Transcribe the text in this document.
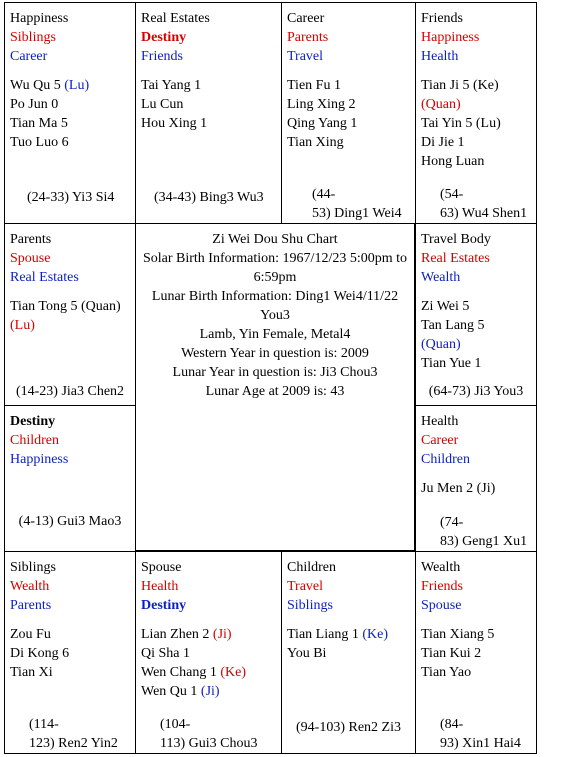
Zi Wei Dou Shu Chart
Solar Birth Information: 1967/12/23 5:00pm to 6:59pm
Lunar Birth Information: Ding1 Wei4/11/22 You3
Lamb, Yin Female, Metal4
Western Year in question is: 2009
Lunar Year in question is: Ji3 Chou3
Lunar Age at 2009 is: 43
Happiness
Siblings
Career
Wu Qu 5 (Lu)
Po Jun 0
Tian Ma 5
Tuo Luo 6
(24-33) Yi3 Si4
Real Estates
Destiny
Friends
Tai Yang 1
Lu Cun
Hou Xing 1
(34-43) Bing3 Wu3
Career
Parents
Travel
Tien Fu 1
Ling Xing 2
Qing Yang 1
Tian Xing
(44-
53) Ding1 Wei4
Friends
Happiness
Health
Tian Ji 5 (Ke)
(Quan)
Tai Yin 5 (Lu)
Di Jie 1
Hong Luan
(54-
63) Wu4 Shen1
Parents
Spouse
Real Estates
Tian Tong 5 (Quan)
(Lu)
(14-23) Jia3 Chen2
Travel Body
Real Estates
Wealth
Zi Wei 5
Tan Lang 5
(Quan)
Tian Yue 1
(64-73) Ji3 You3
Destiny
Children
Happiness
(4-13) Gui3 Mao3
Health
Career
Children
Ju Men 2 (Ji)
(74-
83) Geng1 Xu1
Siblings
Wealth
Parents
Zou Fu
Di Kong 6
Tian Xi
(114-
123) Ren2 Yin2
Spouse
Health
Destiny
Lian Zhen 2 (Ji)
Qi Sha 1
Wen Chang 1 (Ke)
Wen Qu 1 (Ji)
(104-
113) Gui3 Chou3
Children
Travel
Siblings
Tian Liang 1 (Ke)
You Bi
(94-103) Ren2 Zi3
Wealth
Friends
Spouse
Tian Xiang 5
Tian Kui 2
Tian Yao
(84-
93) Xin1 Hai4
